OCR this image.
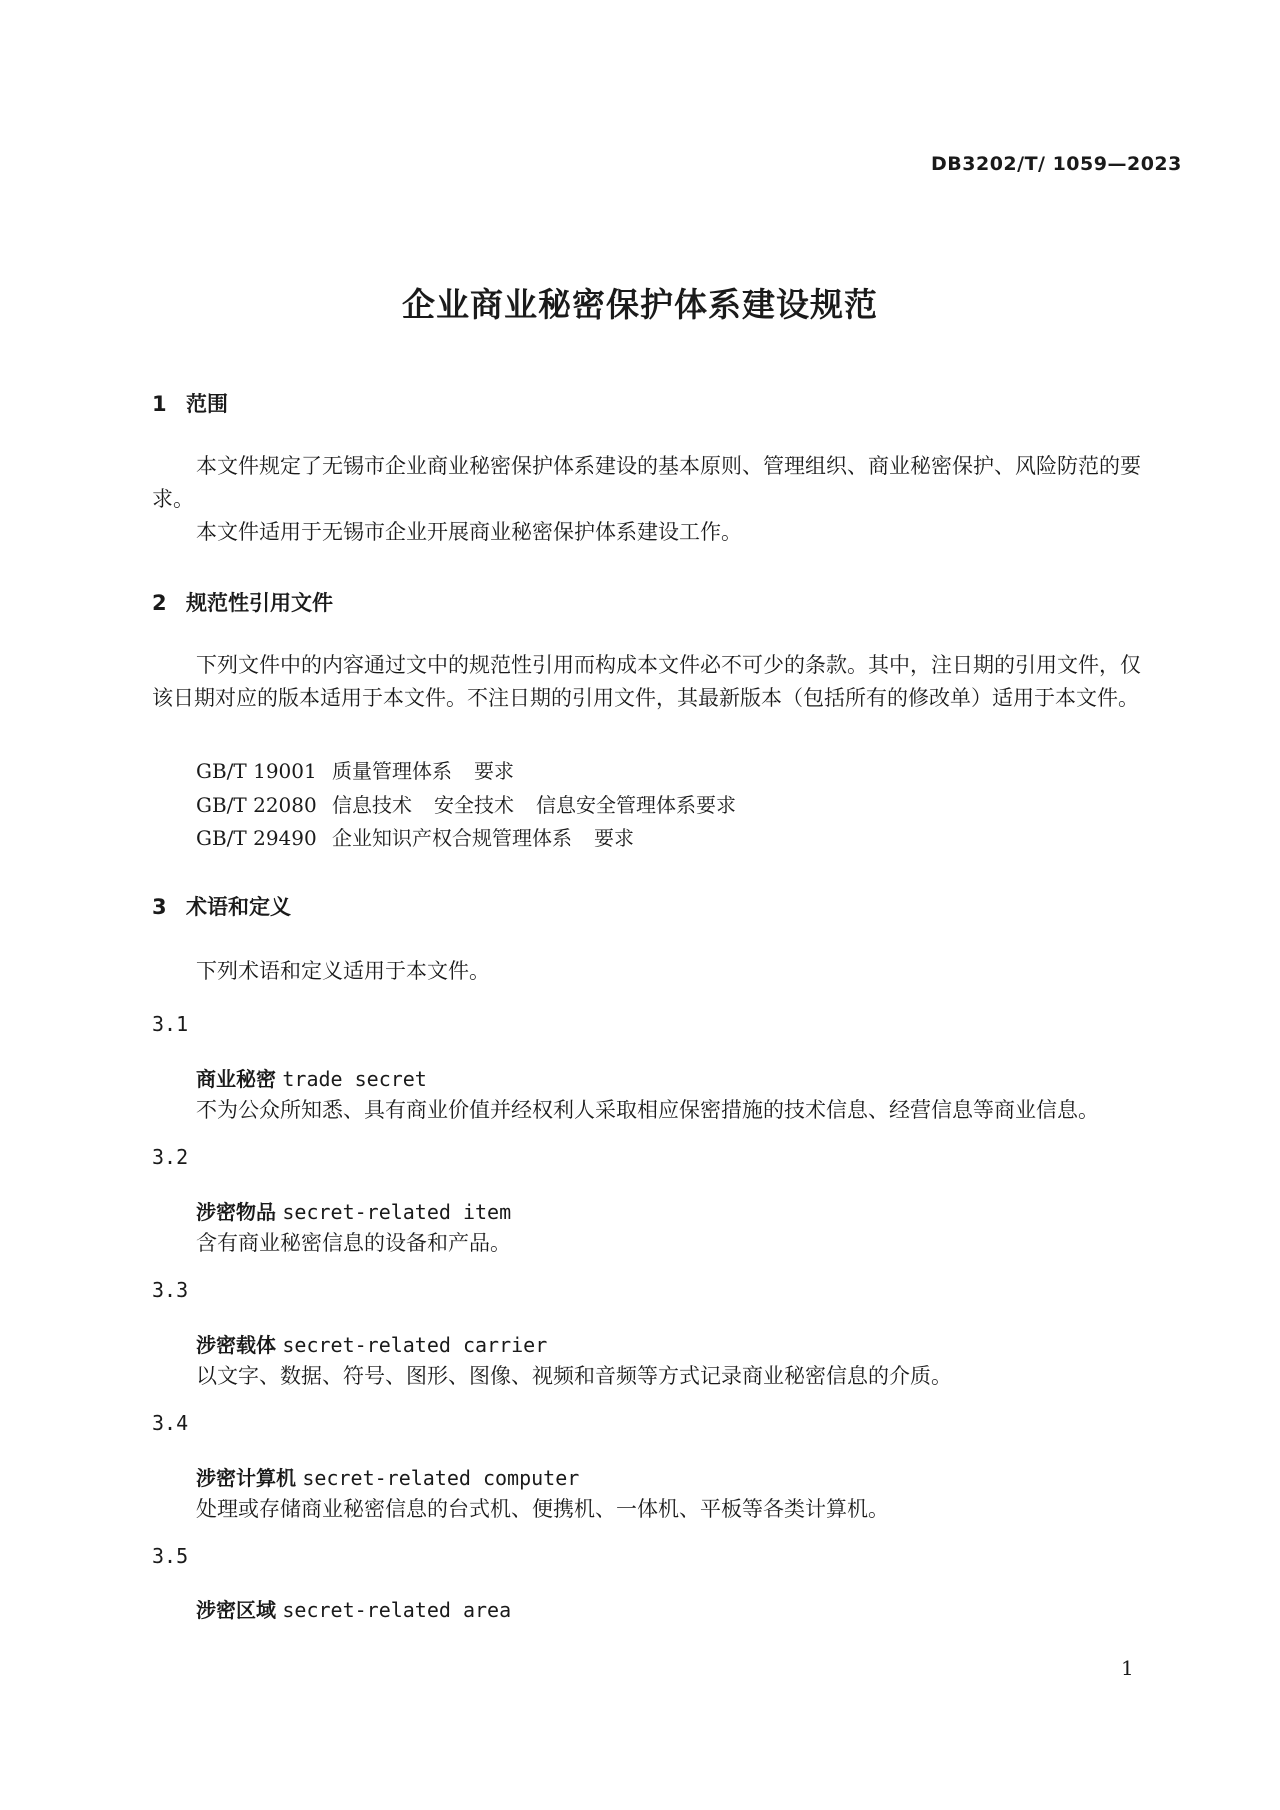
DB3202/T/ 1059—2023
企业商业秘密保护体系建设规范
1 范围
本文件规定了无锡市企业商业秘密保护体系建设的基本原则、管理组织、商业秘密保护、风险防范的要求。
本文件适用于无锡市企业开展商业秘密保护体系建设工作。
2 规范性引用文件
下列文件中的内容通过文中的规范性引用而构成本文件必不可少的条款。其中，注日期的引用文件，仅该日期对应的版本适用于本文件。不注日期的引用文件，其最新版本（包括所有的修改单）适用于本文件。
GB/T 19001 质量管理体系 要求
GB/T 22080 信息技术 安全技术 信息安全管理体系要求
GB/T 29490 企业知识产权合规管理体系 要求
3 术语和定义
下列术语和定义适用于本文件。
3.1
商业秘密 trade secret
不为公众所知悉、具有商业价值并经权利人采取相应保密措施的技术信息、经营信息等商业信息。
3.2
涉密物品 secret-related item
含有商业秘密信息的设备和产品。
3.3
涉密载体 secret-related carrier
以文字、数据、符号、图形、图像、视频和音频等方式记录商业秘密信息的介质。
3.4
涉密计算机 secret-related computer
处理或存储商业秘密信息的台式机、便携机、一体机、平板等各类计算机。
3.5
涉密区域 secret-related area
1
